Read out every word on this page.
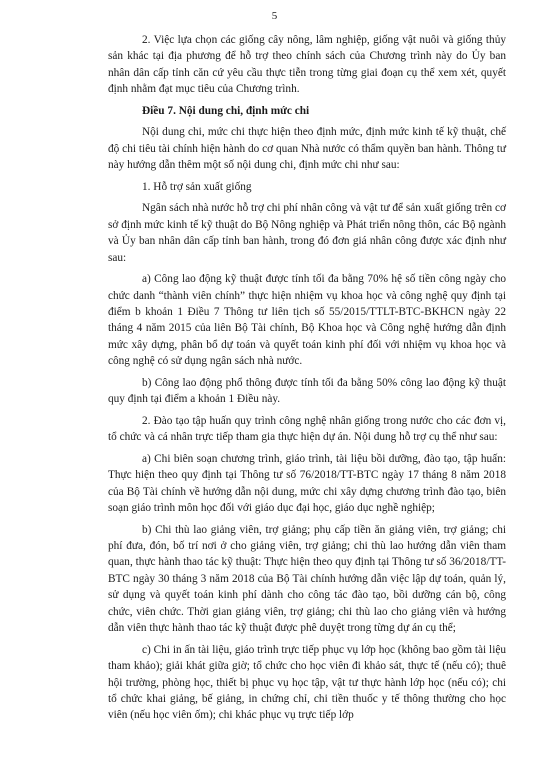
5

2. Việc lựa chọn các giống cây nông, lâm nghiệp, giống vật nuôi và giống thủy sản khác tại địa phương để hỗ trợ theo chính sách của Chương trình này do Ủy ban nhân dân cấp tỉnh căn cứ yêu cầu thực tiễn trong từng giai đoạn cụ thể xem xét, quyết định nhằm đạt mục tiêu của Chương trình.

Điều 7. Nội dung chi, định mức chi

Nội dung chi, mức chi thực hiện theo định mức, định mức kinh tế kỹ thuật, chế độ chi tiêu tài chính hiện hành do cơ quan Nhà nước có thẩm quyền ban hành. Thông tư này hướng dẫn thêm một số nội dung chi, định mức chi như sau:

1. Hỗ trợ sản xuất giống

Ngân sách nhà nước hỗ trợ chi phí nhân công và vật tư để sản xuất giống trên cơ sở định mức kinh tế kỹ thuật do Bộ Nông nghiệp và Phát triển nông thôn, các Bộ ngành và Ủy ban nhân dân cấp tỉnh ban hành, trong đó đơn giá nhân công được xác định như sau:

a) Công lao động kỹ thuật được tính tối đa bằng 70% hệ số tiền công ngày cho chức danh “thành viên chính” thực hiện nhiệm vụ khoa học và công nghệ quy định tại điểm b khoản 1 Điều 7 Thông tư liên tịch số 55/2015/TTLT-BTC-BKHCN ngày 22 tháng 4 năm 2015 của liên Bộ Tài chính, Bộ Khoa học và Công nghệ hướng dẫn định mức xây dựng, phân bổ dự toán và quyết toán kinh phí đối với nhiệm vụ khoa học và công nghệ có sử dụng ngân sách nhà nước.

b) Công lao động phổ thông được tính tối đa bằng 50% công lao động kỹ thuật quy định tại điểm a khoản 1 Điều này.

2. Đào tạo tập huấn quy trình công nghệ nhân giống trong nước cho các đơn vị, tổ chức và cá nhân trực tiếp tham gia thực hiện dự án. Nội dung hỗ trợ cụ thể như sau:

a) Chi biên soạn chương trình, giáo trình, tài liệu bồi dưỡng, đào tạo, tập huấn: Thực hiện theo quy định tại Thông tư số 76/2018/TT-BTC ngày 17 tháng 8 năm 2018 của Bộ Tài chính về hướng dẫn nội dung, mức chi xây dựng chương trình đào tạo, biên soạn giáo trình môn học đối với giáo dục đại học, giáo dục nghề nghiệp;

b) Chi thù lao giảng viên, trợ giảng; phụ cấp tiền ăn giảng viên, trợ giảng; chi phí đưa, đón, bố trí nơi ở cho giảng viên, trợ giảng; chi thù lao hướng dẫn viên tham quan, thực hành thao tác kỹ thuật: Thực hiện theo quy định tại Thông tư số 36/2018/TT-BTC ngày 30 tháng 3 năm 2018 của Bộ Tài chính hướng dẫn việc lập dự toán, quản lý, sử dụng và quyết toán kinh phí dành cho công tác đào tạo, bồi dưỡng cán bộ, công chức, viên chức. Thời gian giảng viên, trợ giảng; chi thù lao cho giảng viên và hướng dẫn viên thực hành thao tác kỹ thuật được phê duyệt trong từng dự án cụ thể;

c) Chi in ấn tài liệu, giáo trình trực tiếp phục vụ lớp học (không bao gồm tài liệu tham khảo); giải khát giữa giờ; tổ chức cho học viên đi khảo sát, thực tế (nếu có); thuê hội trường, phòng học, thiết bị phục vụ học tập, vật tư thực hành lớp học (nếu có); chi tổ chức khai giảng, bế giảng, in chứng chỉ, chi tiền thuốc y tế thông thường cho học viên (nếu học viên ốm); chi khác phục vụ trực tiếp lớp
